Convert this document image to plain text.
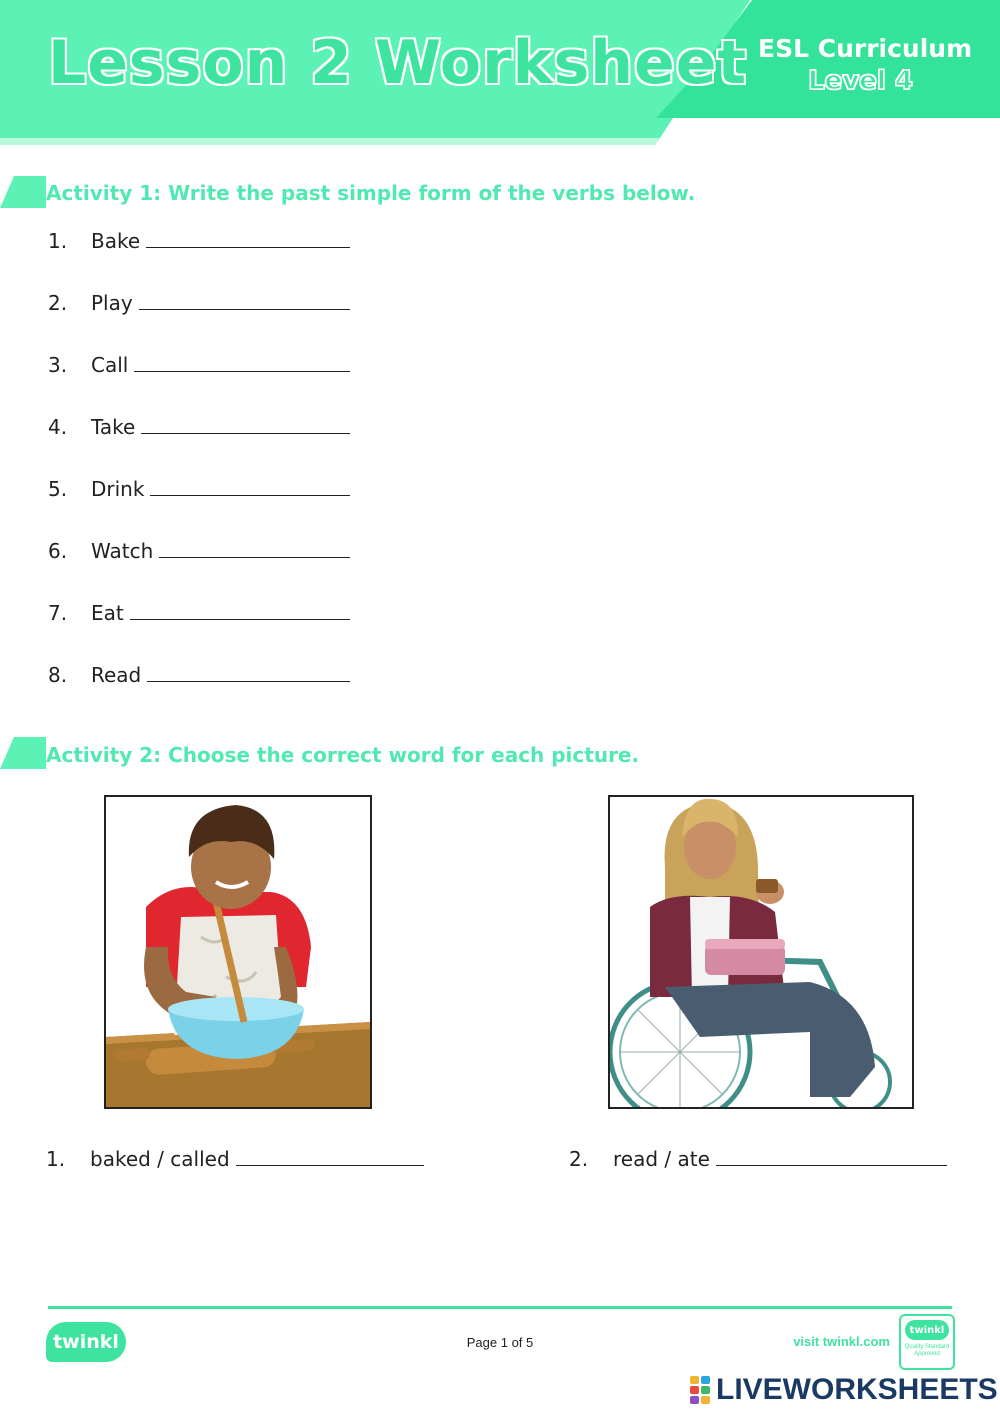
Lesson 2 Worksheet ESL Curriculum
Level 4
Activity 1: Write the past simple form of the verbs below.
1.	Bake
2.	Play
3.	Call
4.	Take
5.	Drink
6.	Watch
7.	Eat
8.	Read
Activity 2: Choose the correct word for each picture.
1.	baked / called	2.	read / ate
twinkl	Page 1 of 5	visit twinkl.com
twinkl
Quality Standard Approved
LIVEWORKSHEETS
